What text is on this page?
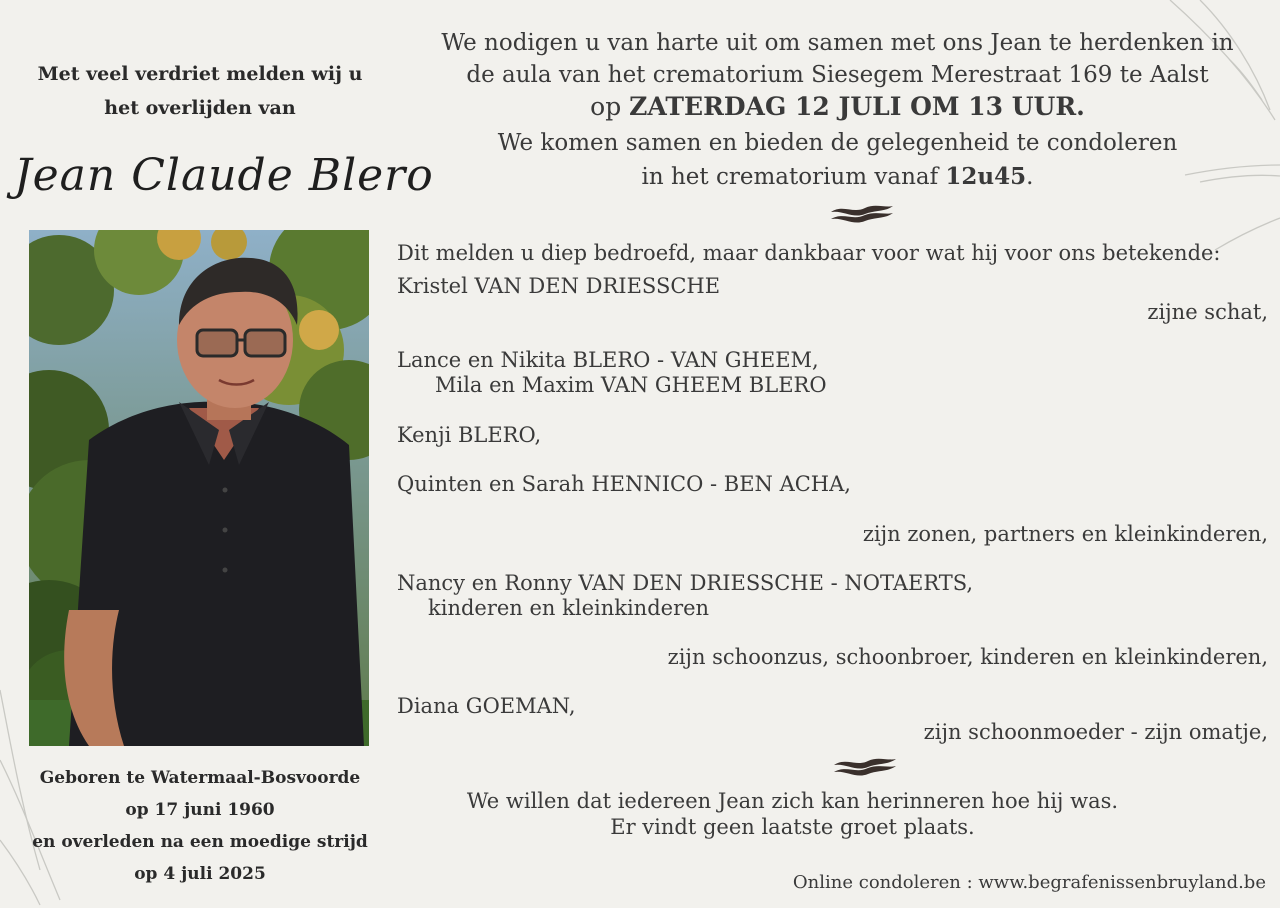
Met veel verdriet melden wij u
het overlijden van
Jean Claude Blero
Geboren te Watermaal-Bosvoorde
op 17 juni 1960
en overleden na een moedige strijd
op 4 juli 2025
We nodigen u van harte uit om samen met ons Jean te herdenken in
de aula van het crematorium Siesegem Merestraat 169 te Aalst
op ZATERDAG 12 JULI OM 13 UUR.
We komen samen en bieden de gelegenheid te condoleren
in het crematorium vanaf 12u45.
Dit melden u diep bedroefd, maar dankbaar voor wat hij voor ons betekende:
Kristel VAN DEN DRIESSCHE
zijne schat,
Lance en Nikita BLERO - VAN GHEEM,
Mila en Maxim VAN GHEEM BLERO
Kenji BLERO,
Quinten en Sarah HENNICO - BEN ACHA,
zijn zonen, partners en kleinkinderen,
Nancy en Ronny VAN DEN DRIESSCHE - NOTAERTS,
kinderen en kleinkinderen
zijn schoonzus, schoonbroer, kinderen en kleinkinderen,
Diana GOEMAN,
zijn schoonmoeder - zijn omatje,
We willen dat iedereen Jean zich kan herinneren hoe hij was.
Er vindt geen laatste groet plaats.
Online condoleren : www.begrafenissenbruyland.be
